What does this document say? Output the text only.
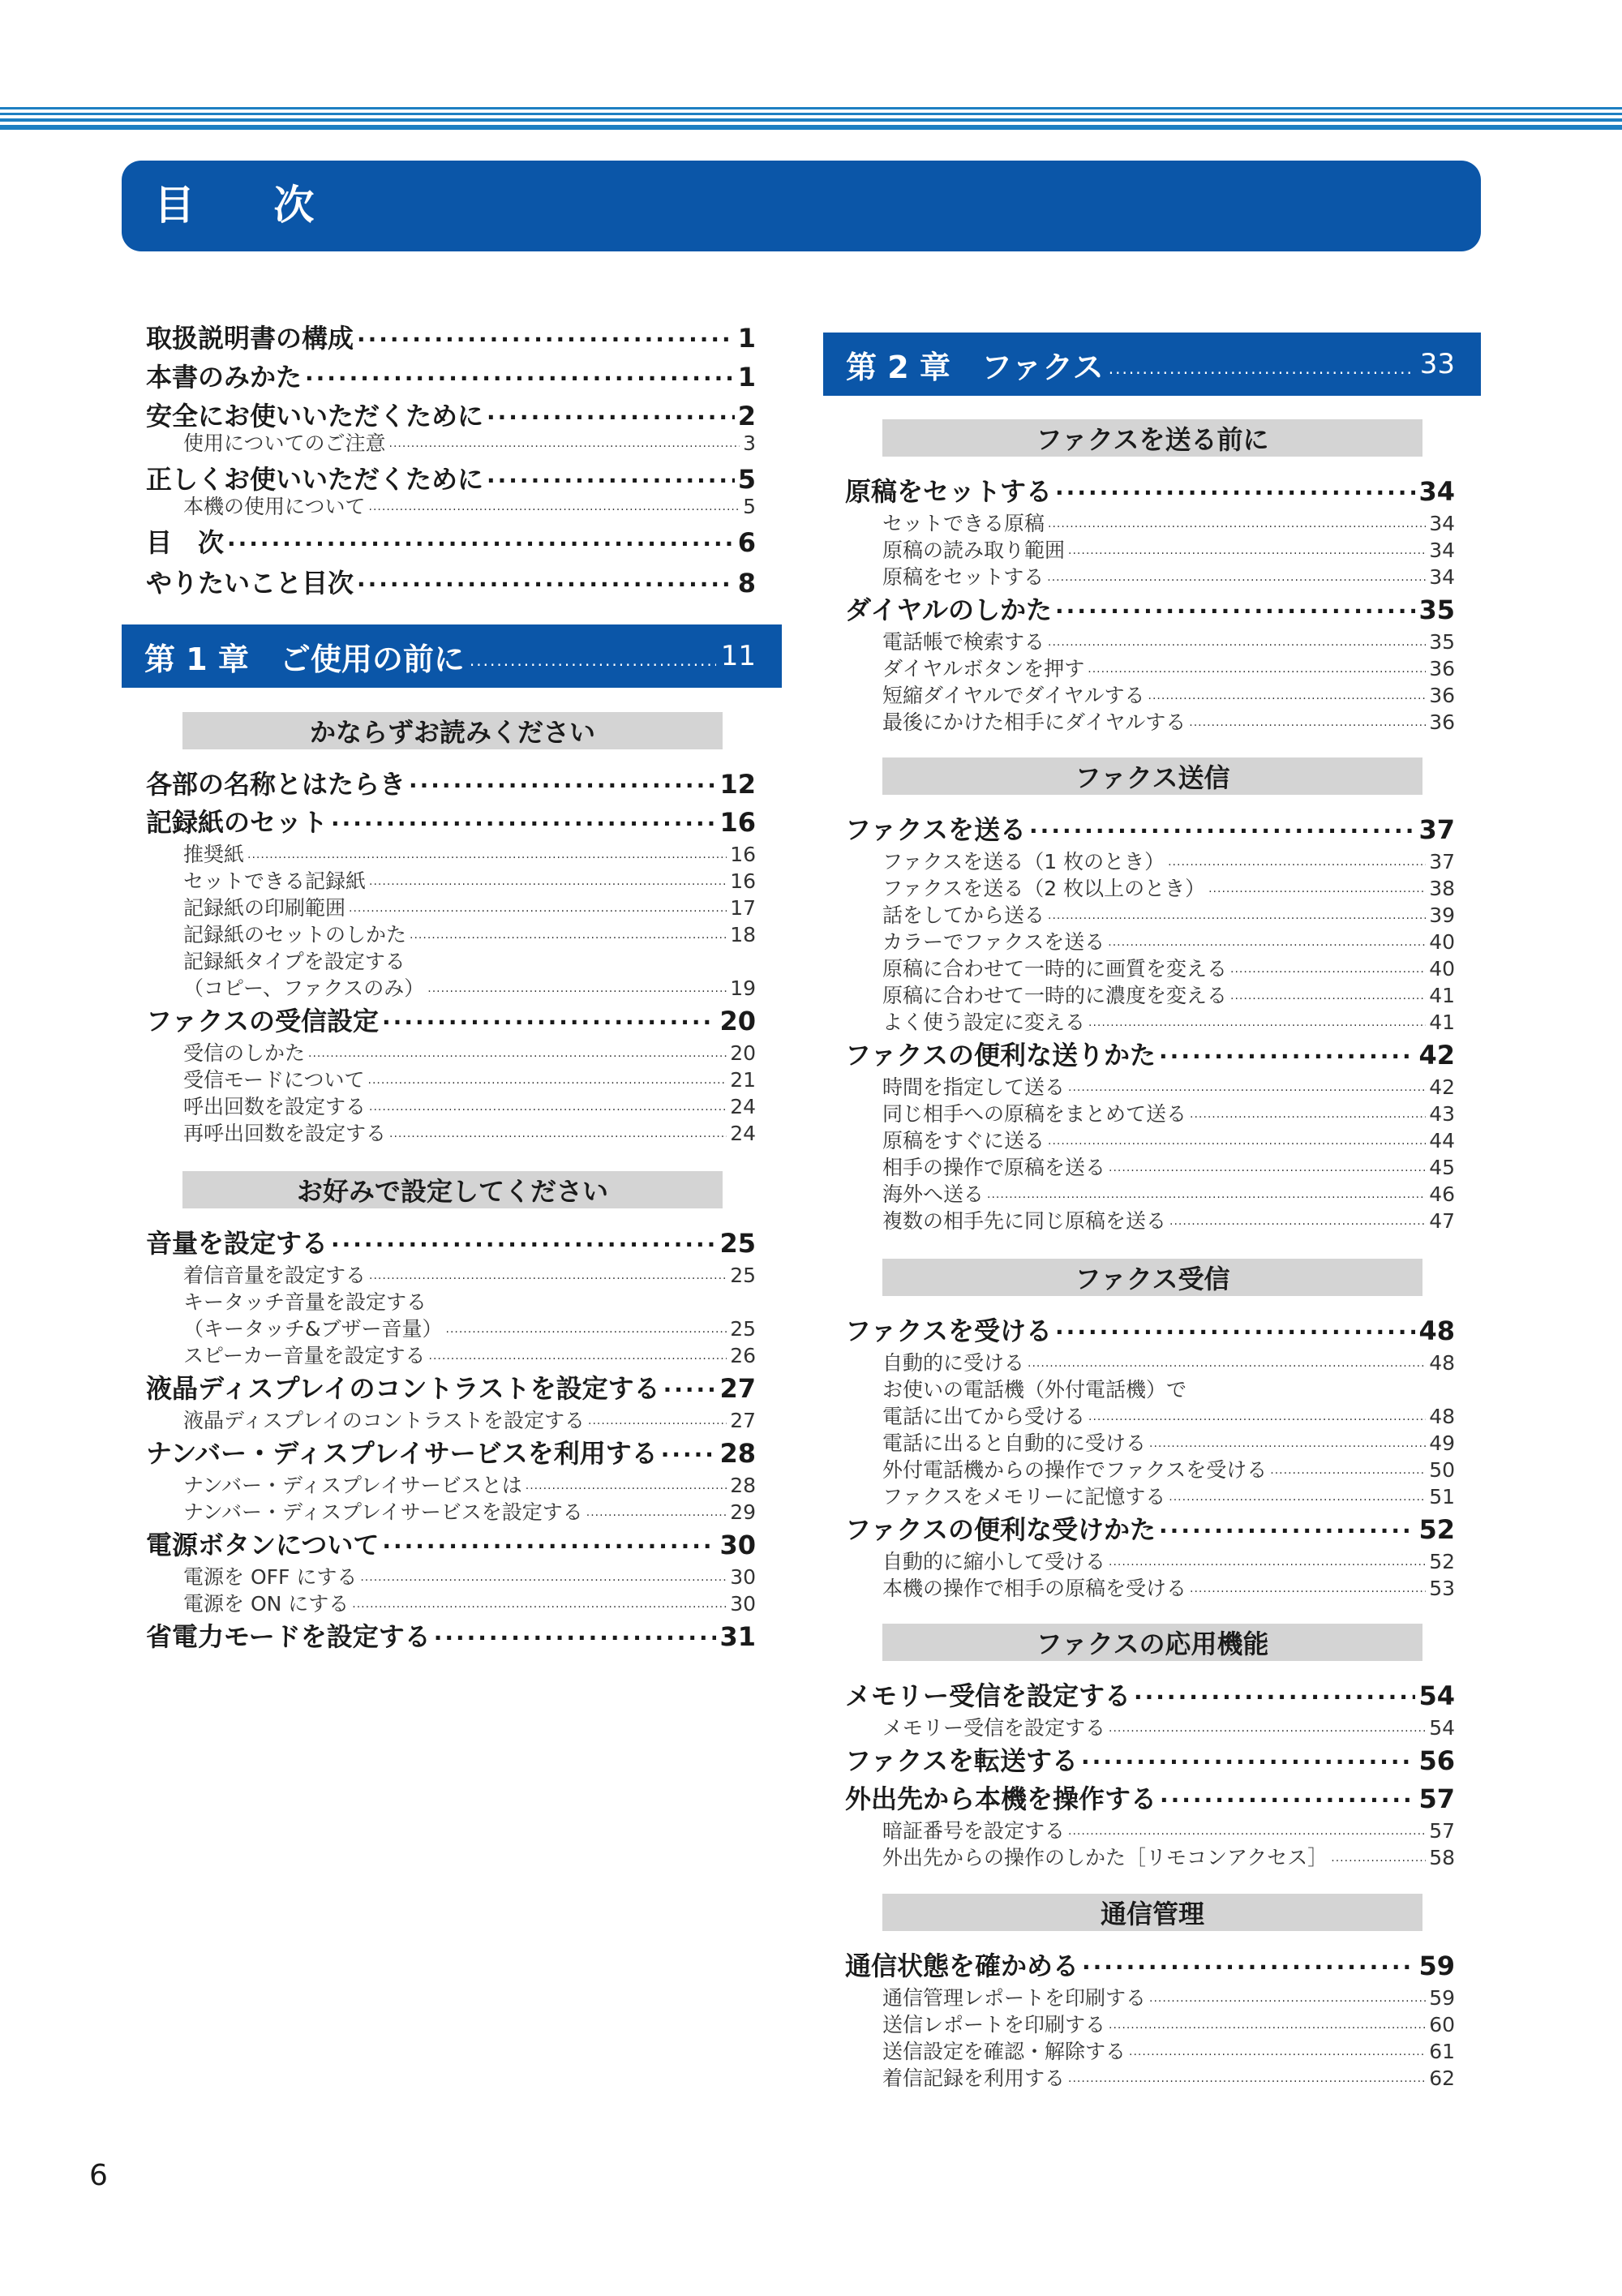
目 次
6
取扱説明書の構成 .....	1
本書のみかた .....	1
安全にお使いいただくために .....	2
使用についてのご注意 .....	3
正しくお使いいただくために .....	5
本機の使用について .....	5
目　次 .....	6
やりたいこと目次 .....	8
第 1 章　ご使用の前に .....	11
かならずお読みください
各部の名称とはたらき .....	12
記録紙のセット .....	16
推奨紙 .....	16
セットできる記録紙 .....	16
記録紙の印刷範囲 .....	17
記録紙のセットのしかた .....	18
記録紙タイプを設定する
（コピー、ファクスのみ） .....	19
ファクスの受信設定 .....	20
受信のしかた .....	20
受信モードについて .....	21
呼出回数を設定する .....	24
再呼出回数を設定する .....	24
お好みで設定してください
音量を設定する .....	25
着信音量を設定する .....	25
キータッチ音量を設定する
（キータッチ&ブザー音量） .....	25
スピーカー音量を設定する .....	26
液晶ディスプレイのコントラストを設定する ..... 27
液晶ディスプレイのコントラストを設定する .....	27
ナンバー・ディスプレイサービスを利用する ..... 28
ナンバー・ディスプレイサービスとは .....	28
ナンバー・ディスプレイサービスを設定する .....	29
電源ボタンについて .....	30
電源を OFF にする .....	30
電源を ON にする .....	30
省電力モードを設定する .....	31
第 2 章　ファクス .....	33
ファクスを送る前に
原稿をセットする .....	34
セットできる原稿 .....	34
原稿の読み取り範囲 .....	34
原稿をセットする .....	34
ダイヤルのしかた .....	35
電話帳で検索する .....	35
ダイヤルボタンを押す .....	36
短縮ダイヤルでダイヤルする .....	36
最後にかけた相手にダイヤルする .....	36
ファクス送信
ファクスを送る .....	37
ファクスを送る（1 枚のとき） .....	37
ファクスを送る（2 枚以上のとき） .....	38
話をしてから送る .....	39
カラーでファクスを送る .....	40
原稿に合わせて一時的に画質を変える .....	40
原稿に合わせて一時的に濃度を変える .....	41
よく使う設定に変える .....	41
ファクスの便利な送りかた .....	42
時間を指定して送る .....	42
同じ相手への原稿をまとめて送る .....	43
原稿をすぐに送る .....	44
相手の操作で原稿を送る .....	45
海外へ送る .....	46
複数の相手先に同じ原稿を送る .....	47
ファクス受信
ファクスを受ける .....	48
自動的に受ける .....	48
お使いの電話機（外付電話機）で
電話に出てから受ける .....	48
電話に出ると自動的に受ける .....	49
外付電話機からの操作でファクスを受ける .....	50
ファクスをメモリーに記憶する .....	51
ファクスの便利な受けかた .....	52
自動的に縮小して受ける .....	52
本機の操作で相手の原稿を受ける .....	53
ファクスの応用機能
メモリー受信を設定する .....	54
メモリー受信を設定する .....	54
ファクスを転送する .....	56
外出先から本機を操作する .....	57
暗証番号を設定する .....	57
外出先からの操作のしかた［リモコンアクセス］ .....	58
通信管理
通信状態を確かめる .....	59
通信管理レポートを印刷する .....	59
送信レポートを印刷する .....	60
送信設定を確認・解除する .....	61
着信記録を利用する .....	62
